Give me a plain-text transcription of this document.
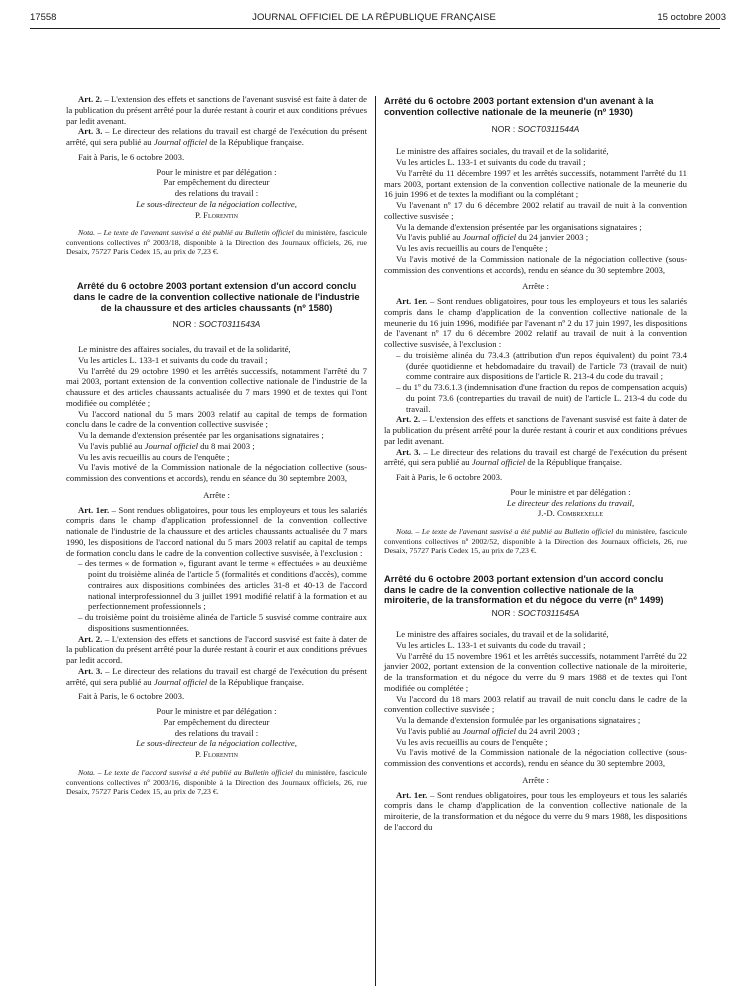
17558	JOURNAL OFFICIEL DE LA RÉPUBLIQUE FRANÇAISE	15 octobre 2003

Art. 2. – L'extension des effets et sanctions de l'avenant susvisé est faite à dater de la publication du présent arrêté pour la durée restant à courir et aux conditions prévues par ledit avenant.

Art. 3. – Le directeur des relations du travail est chargé de l'exécution du présent arrêté, qui sera publié au Journal officiel de la République française.

Fait à Paris, le 6 octobre 2003.

Pour le ministre et par délégation :

Par empêchement du directeur

des relations du travail :

Le sous-directeur de la négociation collective,

P. Florentin

Nota. – Le texte de l'avenant susvisé a été publié au Bulletin officiel du ministère, fascicule conventions collectives nº 2003/18, disponible à la Direction des Journaux officiels, 26, rue Desaix, 75727 Paris Cedex 15, au prix de 7,23 €.

Arrêté du 6 octobre 2003 portant extension d'un accord conclu dans le cadre de la convention collective nationale de l'industrie de la chaussure et des articles chaussants (nº 1580)

NOR : SOCT0311543A

Le ministre des affaires sociales, du travail et de la solidarité,

Vu les articles L. 133-1 et suivants du code du travail ;

Vu l'arrêté du 29 octobre 1990 et les arrêtés successifs, notamment l'arrêté du 7 mai 2003, portant extension de la convention collective nationale de l'industrie de la chaussure et des articles chaussants actualisée du 7 mars 1990 et de textes qui l'ont modifiée ou complétée ;

Vu l'accord national du 5 mars 2003 relatif au capital de temps de formation conclu dans le cadre de la convention collective susvisée ;

Vu la demande d'extension présentée par les organisations signataires ;

Vu l'avis publié au Journal officiel du 8 mai 2003 ;

Vu les avis recueillis au cours de l'enquête ;

Vu l'avis motivé de la Commission nationale de la négociation collective (sous-commission des conventions et accords), rendu en séance du 30 septembre 2003,

Arrête :

Art. 1er. – Sont rendues obligatoires, pour tous les employeurs et tous les salariés compris dans le champ d'application professionnel de la convention collective nationale de l'industrie de la chaussure et des articles chaussants actualisée du 7 mars 1990, les dispositions de l'accord national du 5 mars 2003 relatif au capital de temps de formation conclu dans le cadre de la convention collective susvisée, à l'exclusion :

– des termes « de formation », figurant avant le terme « effectuées » au deuxième point du troisième alinéa de l'article 5 (formalités et conditions d'accès), comme contraires aux dispositions combinées des articles 31-8 et 40-13 de l'accord national interprofessionnel du 3 juillet 1991 modifié relatif à la formation et au perfectionnement professionnels ;

– du troisième point du troisième alinéa de l'article 5 susvisé comme contraire aux dispositions susmentionnées.

Art. 2. – L'extension des effets et sanctions de l'accord susvisé est faite à dater de la publication du présent arrêté pour la durée restant à courir et aux conditions prévues par ledit accord.

Art. 3. – Le directeur des relations du travail est chargé de l'exécution du présent arrêté, qui sera publié au Journal officiel de la République française.

Fait à Paris, le 6 octobre 2003.

Pour le ministre et par délégation :

Par empêchement du directeur

des relations du travail :

Le sous-directeur de la négociation collective,

P. Florentin

Nota. – Le texte de l'accord susvisé a été publié au Bulletin officiel du ministère, fascicule conventions collectives nº 2003/16, disponible à la Direction des Journaux officiels, 26, rue Desaix, 75727 Paris Cedex 15, au prix de 7,23 €.

Arrêté du 6 octobre 2003 portant extension d'un avenant à la convention collective nationale de la meunerie (nº 1930)

NOR : SOCT0311544A

Le ministre des affaires sociales, du travail et de la solidarité,

Vu les articles L. 133-1 et suivants du code du travail ;

Vu l'arrêté du 11 décembre 1997 et les arrêtés successifs, notamment l'arrêté du 11 mars 2003, portant extension de la convention collective nationale de la meunerie du 16 juin 1996 et de textes la modifiant ou la complétant ;

Vu l'avenant nº 17 du 6 décembre 2002 relatif au travail de nuit à la convention collective susvisée ;

Vu la demande d'extension présentée par les organisations signataires ;

Vu l'avis publié au Journal officiel du 24 janvier 2003 ;

Vu les avis recueillis au cours de l'enquête ;

Vu l'avis motivé de la Commission nationale de la négociation collective (sous-commission des conventions et accords), rendu en séance du 30 septembre 2003,

Arrête :

Art. 1er. – Sont rendues obligatoires, pour tous les employeurs et tous les salariés compris dans le champ d'application de la convention collective nationale de la meunerie du 16 juin 1996, modifiée par l'avenant nº 2 du 17 juin 1997, les dispositions de l'avenant nº 17 du 6 décembre 2002 relatif au travail de nuit à la convention collective susvisée, à l'exclusion :

– du troisième alinéa du 73.4.3 (attribution d'un repos équivalent) du point 73.4 (durée quotidienne et hebdomadaire du travail) de l'article 73 (travail de nuit) comme contraire aux dispositions de l'article R. 213-4 du code du travail ;

– du 1º du 73.6.1.3 (indemnisation d'une fraction du repos de compensation acquis) du point 73.6 (contreparties du travail de nuit) de l'article L. 213-4 du code du travail.

Art. 2. – L'extension des effets et sanctions de l'avenant susvisé est faite à dater de la publication du présent arrêté pour la durée restant à courir et aux conditions prévues par ledit avenant.

Art. 3. – Le directeur des relations du travail est chargé de l'exécution du présent arrêté, qui sera publié au Journal officiel de la République française.

Fait à Paris, le 6 octobre 2003.

Pour le ministre et par délégation :

Le directeur des relations du travail,

J.-D. Combrexelle

Nota. – Le texte de l'avenant susvisé a été publié au Bulletin officiel du ministère, fascicule conventions collectives nº 2002/52, disponible à la Direction des Journaux officiels, 26, rue Desaix, 75727 Paris Cedex 15, au prix de 7,23 €.

Arrêté du 6 octobre 2003 portant extension d'un accord conclu dans le cadre de la convention collective nationale de la miroiterie, de la transformation et du négoce du verre (nº 1499)

NOR : SOCT0311545A

Le ministre des affaires sociales, du travail et de la solidarité,

Vu les articles L. 133-1 et suivants du code du travail ;

Vu l'arrêté du 15 novembre 1961 et les arrêtés successifs, notamment l'arrêté du 22 janvier 2002, portant extension de la convention collective nationale de la miroiterie, de la transformation et du négoce du verre du 9 mars 1988 et de textes qui l'ont modifiée ou complétée ;

Vu l'accord du 18 mars 2003 relatif au travail de nuit conclu dans le cadre de la convention collective susvisée ;

Vu la demande d'extension formulée par les organisations signataires ;

Vu l'avis publié au Journal officiel du 24 avril 2003 ;

Vu les avis recueillis au cours de l'enquête ;

Vu l'avis motivé de la Commission nationale de la négociation collective (sous-commission des conventions et accords), rendu en séance du 30 septembre 2003,

Arrête :

Art. 1er. – Sont rendues obligatoires, pour tous les employeurs et tous les salariés compris dans le champ d'application de la convention collective nationale de la miroiterie, de la transformation et du négoce du verre du 9 mars 1988, les dispositions de l'accord du
